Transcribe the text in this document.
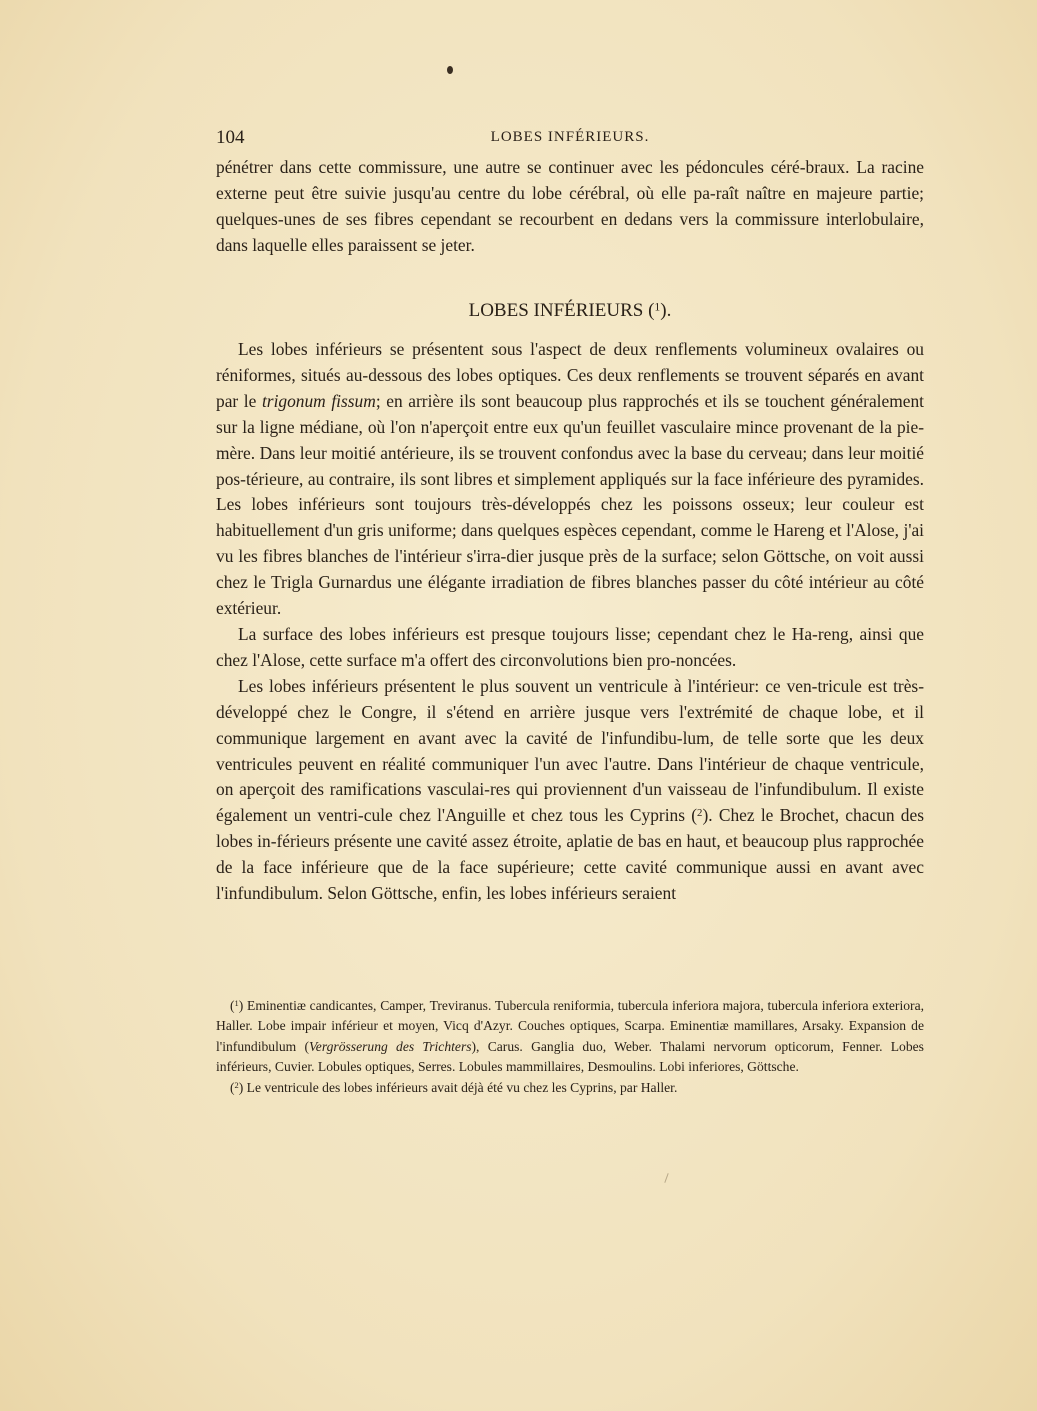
104	LOBES INFÉRIEURS.

pénétrer dans cette commissure, une autre se continuer avec les pédoncules céré-braux. La racine externe peut être suivie jusqu'au centre du lobe cérébral, où elle pa-raît naître en majeure partie; quelques-unes de ses fibres cependant se recourbent en dedans vers la commissure interlobulaire, dans laquelle elles paraissent se jeter.

LOBES INFÉRIEURS ($^1$).

Les lobes inférieurs se présentent sous l'aspect de deux renflements volumineux ovalaires ou réniformes, situés au-dessous des lobes optiques. Ces deux renflements se trouvent séparés en avant par le trigonum fissum; en arrière ils sont beaucoup plus rapprochés et ils se touchent généralement sur la ligne médiane, où l'on n'aperçoit entre eux qu'un feuillet vasculaire mince provenant de la pie-mère. Dans leur moitié antérieure, ils se trouvent confondus avec la base du cerveau; dans leur moitié pos-térieure, au contraire, ils sont libres et simplement appliqués sur la face inférieure des pyramides. Les lobes inférieurs sont toujours très-développés chez les poissons osseux; leur couleur est habituellement d'un gris uniforme; dans quelques espèces cependant, comme le Hareng et l'Alose, j'ai vu les fibres blanches de l'intérieur s'irra-dier jusque près de la surface; selon Göttsche, on voit aussi chez le Trigla Gurnardus une élégante irradiation de fibres blanches passer du côté intérieur au côté extérieur.

La surface des lobes inférieurs est presque toujours lisse; cependant chez le Ha-reng, ainsi que chez l'Alose, cette surface m'a offert des circonvolutions bien pro-noncées.

Les lobes inférieurs présentent le plus souvent un ventricule à l'intérieur: ce ven-tricule est très-développé chez le Congre, il s'étend en arrière jusque vers l'extrémité de chaque lobe, et il communique largement en avant avec la cavité de l'infundibu-lum, de telle sorte que les deux ventricules peuvent en réalité communiquer l'un avec l'autre. Dans l'intérieur de chaque ventricule, on aperçoit des ramifications vasculai-res qui proviennent d'un vaisseau de l'infundibulum. Il existe également un ventri-cule chez l'Anguille et chez tous les Cyprins ($^2$). Chez le Brochet, chacun des lobes in-férieurs présente une cavité assez étroite, aplatie de bas en haut, et beaucoup plus rapprochée de la face inférieure que de la face supérieure; cette cavité communique aussi en avant avec l'infundibulum. Selon Göttsche, enfin, les lobes inférieurs seraient

($^1$) Eminentiæ candicantes, Camper, Treviranus. Tubercula reniformia, tubercula inferiora majora, tubercula inferiora exteriora, Haller. Lobe impair inférieur et moyen, Vicq d'Azyr. Couches optiques, Scarpa. Eminentiæ mamillares, Arsaky. Expansion de l'infundibulum (Vergrösserung des Trichters), Carus. Ganglia duo, Weber. Thalami nervorum opticorum, Fenner. Lobes inférieurs, Cuvier. Lobules optiques, Serres. Lobules mammillaires, Desmoulins. Lobi inferiores, Göttsche.

($^2$) Le ventricule des lobes inférieurs avait déjà été vu chez les Cyprins, par Haller.
